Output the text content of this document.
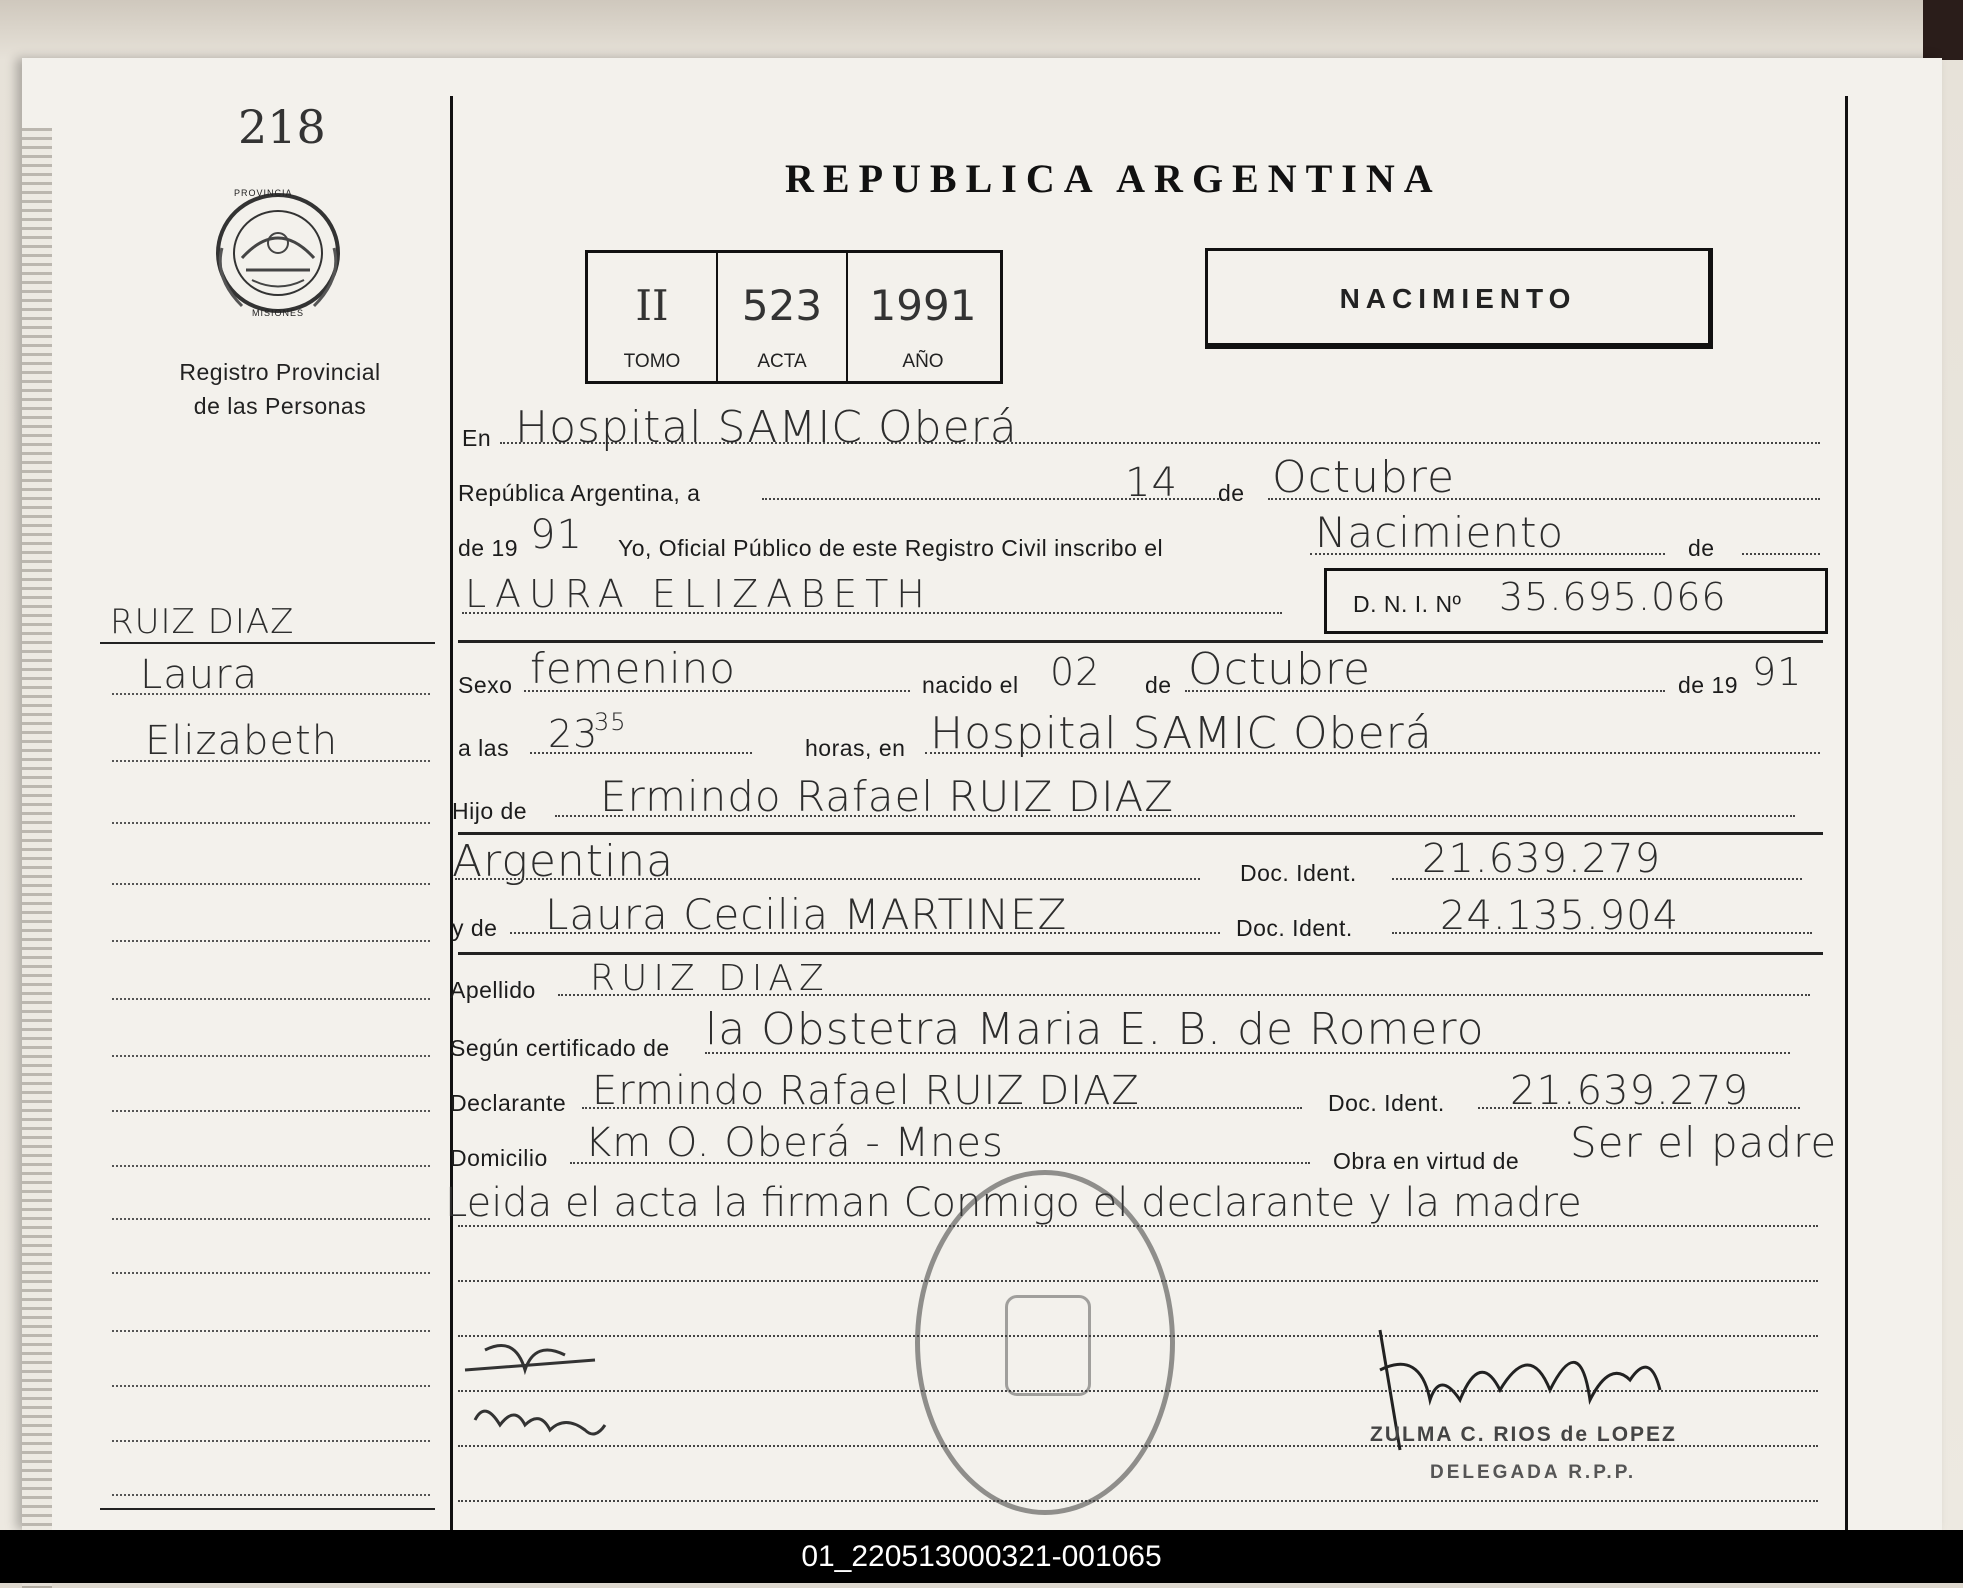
218
PROVINCIA
MISIONES
Registro Provincial
de las Personas
REPUBLICA ARGENTINA
II
TOMO
523
ACTA
1991
AÑO
NACIMIENTO
RUIZ DIAZ
Laura
Elizabeth
En Hospital SAMIC Oberá
República Argentina, a	14 de Octubre
de 19 91 Yo, Oficial Público de este Registro Civil inscribo el	Nacimiento	de
LAURA ELIZABETH	D. N. I. Nº 35.695.066
Sexo femenino	nacido el 02 de Octubre	de 19 91
a las 23
35
horas, en Hospital SAMIC Oberá
Hijo de Ermindo Rafael RUIZ DIAZ
Argentina	Doc. Ident. 21.639.279
y de Laura Cecilia MARTINEZ	Doc. Ident. 24.135.904
Apellido RUIZ DIAZ
Según certificado de la Obstetra Maria E. B. de Romero
Declarante Ermindo Rafael RUIZ DIAZ	Doc. Ident. 21.639.279
Domicilio Km O. Oberá - Mnes	Obra en virtud de Ser el padre
Leida el acta la firman Conmigo el declarante y la madre
ZULMA C. RIOS de LOPEZ
DELEGADA R.P.P.
01_220513000321-001065
